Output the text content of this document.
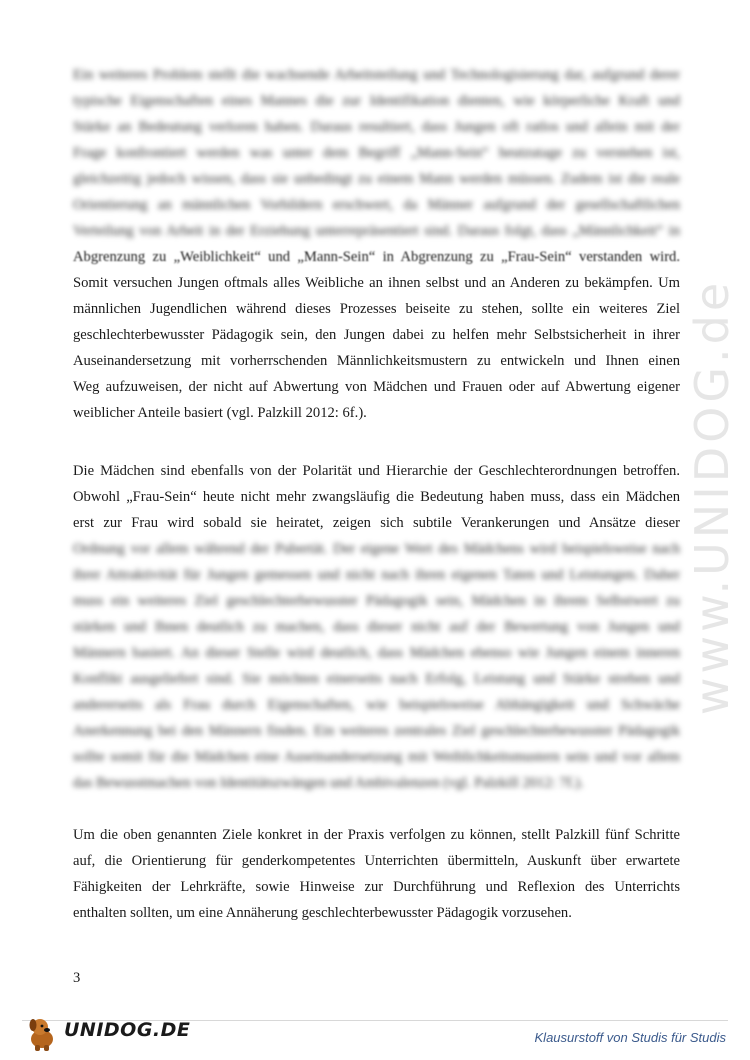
www.UNIDOG.de
Ein weiteres Problem stellt die wachsende Arbeitsteilung und Technologisierung dar, aufgrund derer
typische Eigenschaften eines Mannes die zur Identifikation dienten, wie körperliche Kraft und
Stärke an Bedeutung verloren haben. Daraus resultiert, dass Jungen oft ratlos und allein mit der
Frage konfrontiert werden was unter dem Begriff „Mann-Sein“ heutzutage zu verstehen ist,
gleichzeitig jedoch wissen, dass sie unbedingt zu einem Mann werden müssen. Zudem ist die reale
Orientierung an männlichen Vorbildern erschwert, da Männer aufgrund der gesellschaftlichen
Verteilung von Arbeit in der Erziehung unterrepräsentiert sind. Daraus folgt, dass „Männlichkeit“ in
Abgrenzung zu „Weiblichkeit“ und „Mann-Sein“ in Abgrenzung zu „Frau-Sein“ verstanden wird.
Somit versuchen Jungen oftmals alles Weibliche an ihnen selbst und an Anderen zu bekämpfen. Um
männlichen Jugendlichen während dieses Prozesses beiseite zu stehen, sollte ein weiteres Ziel
geschlechterbewusster Pädagogik sein, den Jungen dabei zu helfen mehr Selbstsicherheit in ihrer
Auseinandersetzung mit vorherrschenden Männlichkeitsmustern zu entwickeln und Ihnen einen
Weg aufzuweisen, der nicht auf Abwertung von Mädchen und Frauen oder auf Abwertung eigener
weiblicher Anteile basiert (vgl. Palzkill 2012: 6f.).
Die Mädchen sind ebenfalls von der Polarität und Hierarchie der Geschlechterordnungen betroffen.
Obwohl „Frau-Sein“ heute nicht mehr zwangsläufig die Bedeutung haben muss, dass ein Mädchen
erst zur Frau wird sobald sie heiratet, zeigen sich subtile Verankerungen und Ansätze dieser
Ordnung vor allem während der Pubertät. Der eigene Wert des Mädchens wird beispielsweise nach
ihrer Attraktivität für Jungen gemessen und nicht nach ihren eigenen Taten und Leistungen. Daher
muss ein weiteres Ziel geschlechterbewusster Pädagogik sein, Mädchen in ihrem Selbstwert zu
stärken und Ihnen deutlich zu machen, dass dieser nicht auf der Bewertung von Jungen und
Männern basiert. An dieser Stelle wird deutlich, dass Mädchen ebenso wie Jungen einem inneren
Konflikt ausgeliefert sind. Sie möchten einerseits nach Erfolg, Leistung und Stärke streben und
andererseits als Frau durch Eigenschaften, wie beispielsweise Abhängigkeit und Schwäche
Anerkennung bei den Männern finden. Ein weiteres zentrales Ziel geschlechterbewusster Pädagogik
sollte somit für die Mädchen eine Auseinandersetzung mit Weiblichkeitsmustern sein und vor allem
das Bewusstmachen von Identitätszwängen und Ambivalenzen (vgl. Palzkill 2012: 7f.).
Um die oben genannten Ziele konkret in der Praxis verfolgen zu können, stellt Palzkill fünf Schritte
auf, die Orientierung für genderkompetentes Unterrichten übermitteln, Auskunft über erwartete
Fähigkeiten der Lehrkräfte, sowie Hinweise zur Durchführung und Reflexion des Unterrichts
enthalten sollten, um eine Annäherung geschlechterbewusster Pädagogik vorzusehen.
3
UNIDOG.DE	Klausurstoff von Studis für Studis
